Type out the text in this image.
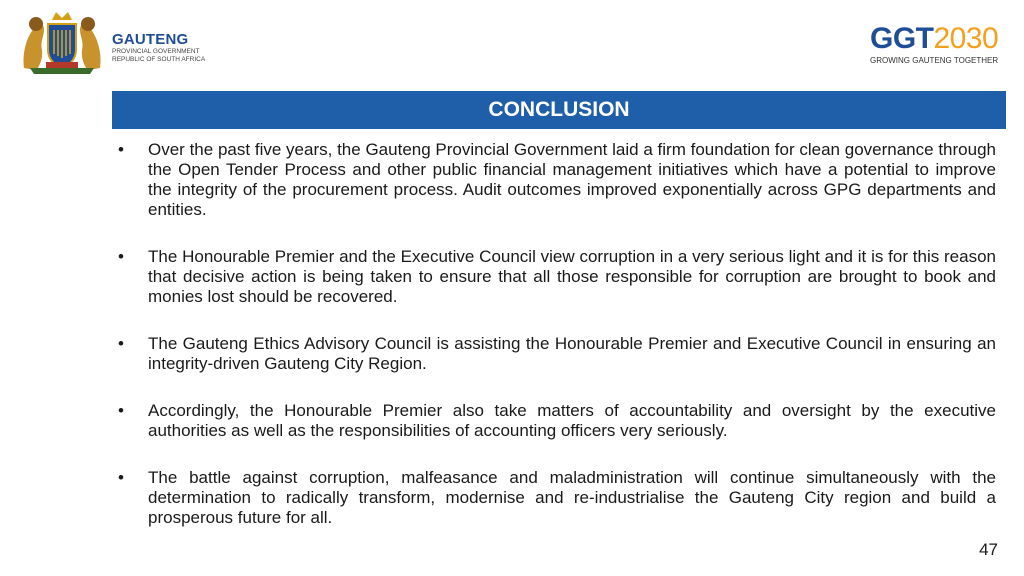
GAUTENG
PROVINCIAL GOVERNMENT
REPUBLIC OF SOUTH AFRICA
GGT2030
GROWING GAUTENG TOGETHER
CONCLUSION
• Over the past five years, the Gauteng Provincial Government laid a firm foundation for clean governance through the Open Tender Process and other public financial management initiatives which have a potential to improve the integrity of the procurement process. Audit outcomes improved exponentially across GPG departments and entities.
• The Honourable Premier and the Executive Council view corruption in a very serious light and it is for this reason that decisive action is being taken to ensure that all those responsible for corruption are brought to book and monies lost should be recovered.
• The Gauteng Ethics Advisory Council is assisting the Honourable Premier and Executive Council in ensuring an integrity-driven Gauteng City Region.
• Accordingly, the Honourable Premier also take matters of accountability and oversight by the executive authorities as well as the responsibilities of accounting officers very seriously.
• The battle against corruption, malfeasance and maladministration will continue simultaneously with the determination to radically transform, modernise and re-industrialise the Gauteng City region and build a prosperous future for all.
47
